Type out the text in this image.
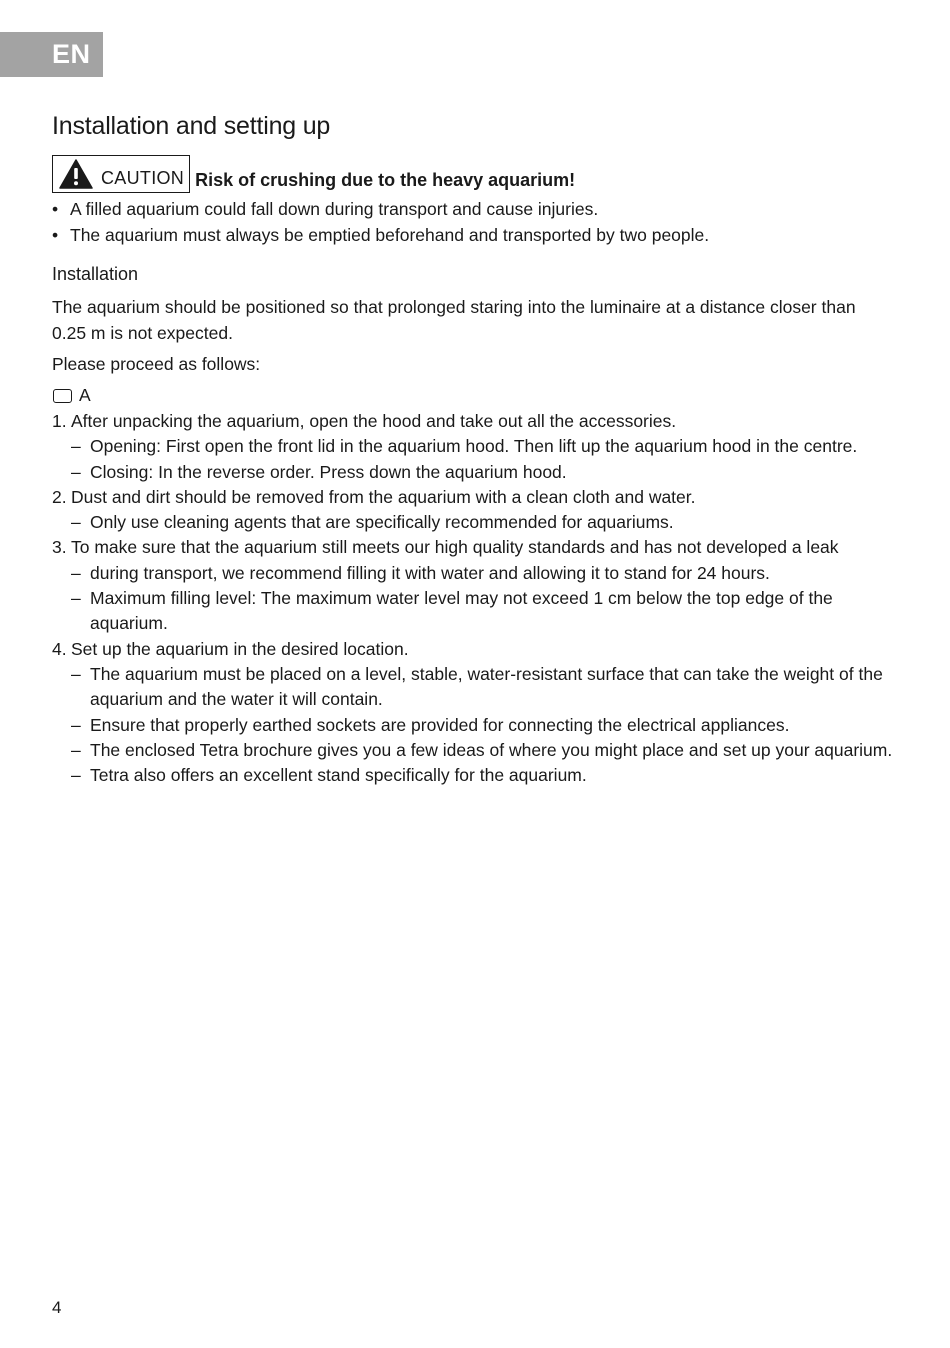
EN
Installation and setting up
CAUTION Risk of crushing due to the heavy aquarium!
• A filled aquarium could fall down during transport and cause injuries.
• The aquarium must always be emptied beforehand and transported by two people.
Installation

The aquarium should be positioned so that prolonged staring into the luminaire at a distance closer than
0.25 m is not expected.

Please proceed as follows:

A
1. After unpacking the aquarium, open the hood and take out all the accessories.
– Opening: First open the front lid in the aquarium hood. Then lift up the aquarium hood in the centre.
– Closing: In the reverse order. Press down the aquarium hood.
2. Dust and dirt should be removed from the aquarium with a clean cloth and water.
– Only use cleaning agents that are specifically recommended for aquariums.
3. To make sure that the aquarium still meets our high quality standards and has not developed a leak
– during transport, we recommend filling it with water and allowing it to stand for 24 hours.
– Maximum filling level: The maximum water level may not exceed 1 cm below the top edge of the aquarium.
4. Set up the aquarium in the desired location.
– The aquarium must be placed on a level, stable, water-resistant surface that can take the weight of the aquarium and the water it will contain.
– Ensure that properly earthed sockets are provided for connecting the electrical appliances.
– The enclosed Tetra brochure gives you a few ideas of where you might place and set up your aquarium.
– Tetra also offers an excellent stand specifically for the aquarium.
4
